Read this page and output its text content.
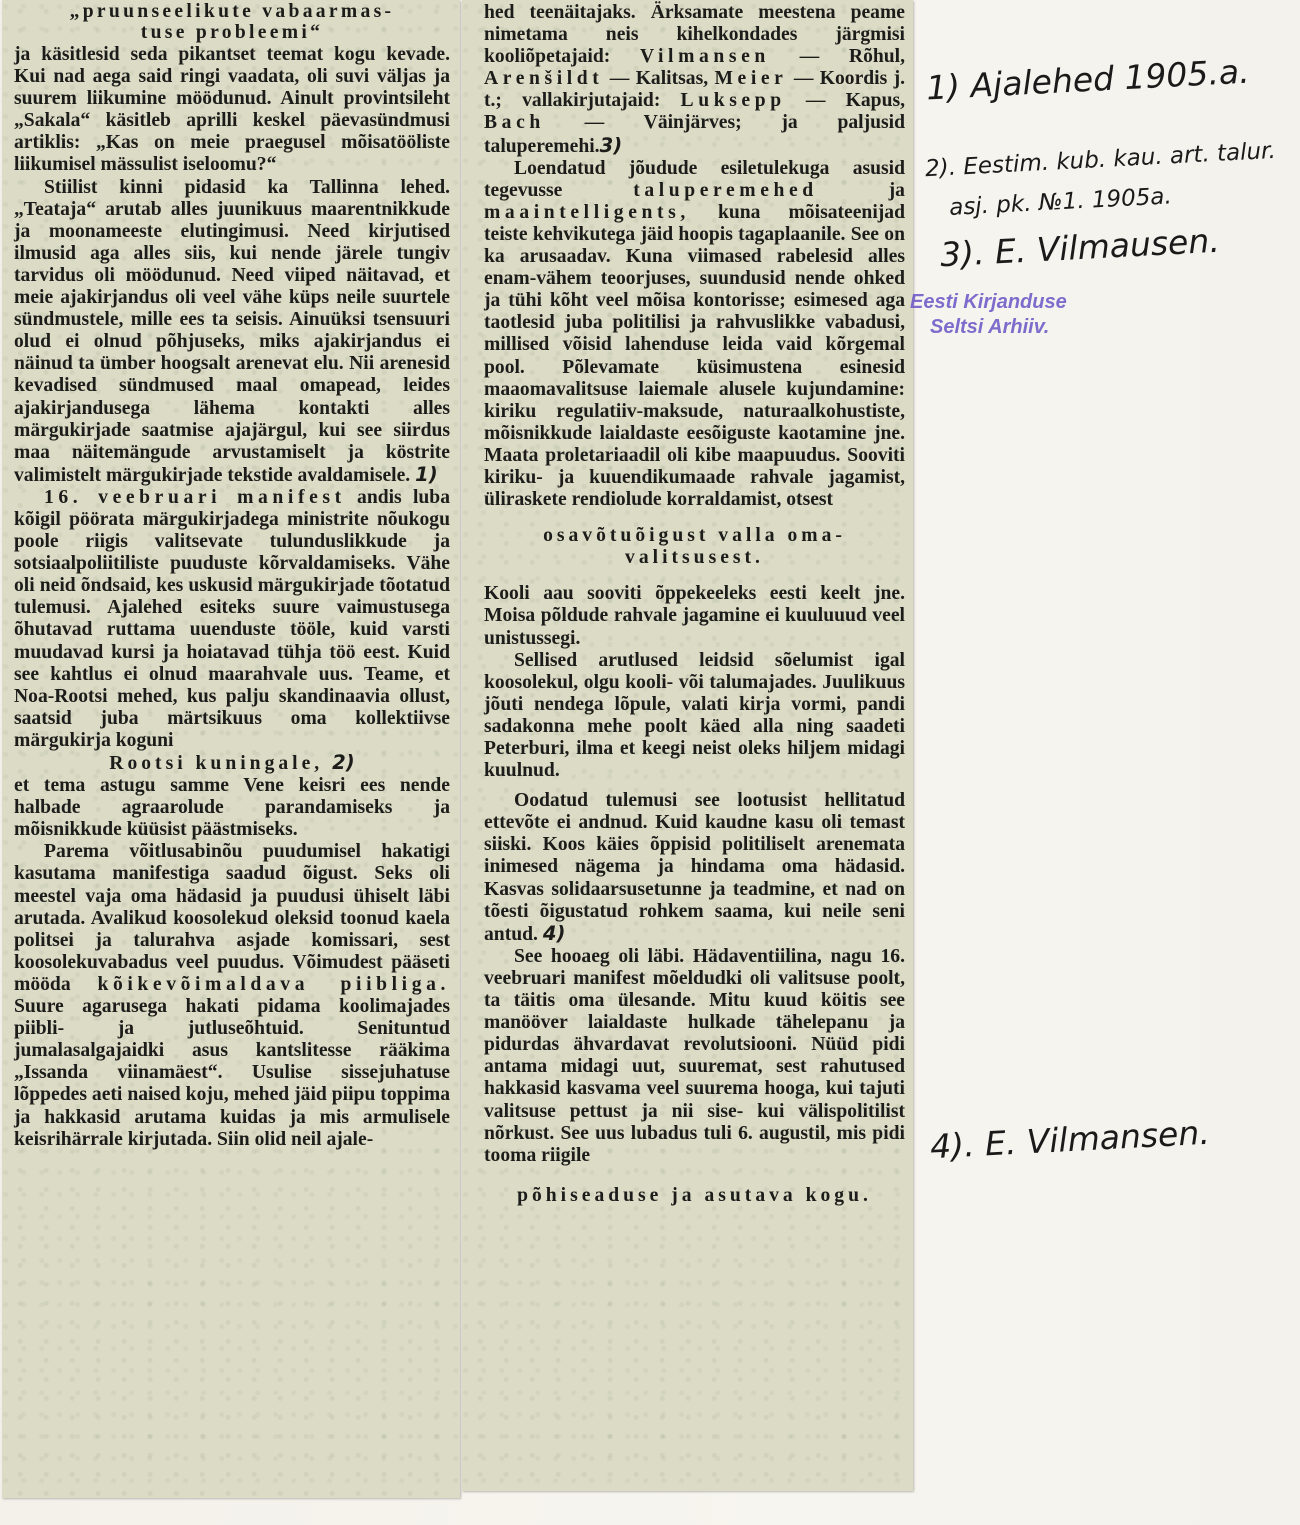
„pruunseelikute vabaarmas-
tuse probleemi“

ja käsitlesid seda pikantset teemat kogu kevade. Kui nad aega said ringi vaadata, oli suvi väljas ja suurem liikumine möödunud. Ainult provintsileht „Sakala“ käsitleb aprilli keskel päevasündmusi artiklis: „Kas on meie praegusel mõisatööliste liikumisel mässulist iseloomu?“

Stiilist kinni pidasid ka Tallinna lehed. „Teataja“ arutab alles juunikuus maarentnikkude ja moonameeste elutingimusi. Need kirjutised ilmusid aga alles siis, kui nende järele tungiv tarvidus oli möödunud. Need viiped näitavad, et meie ajakirjandus oli veel vähe küps neile suurtele sündmustele, mille ees ta seisis. Ainuüksi tsensuuri olud ei olnud põhjuseks, miks ajakirjandus ei näinud ta ümber hoogsalt arenevat elu. Nii arenesid kevadised sündmused maal omapead, leides ajakirjandusega lähema kontakti alles märgukirjade saatmise ajajärgul, kui see siirdus maa näitemängude arvustamiselt ja köstrite valimistelt märgukirjade tekstide avaldamisele. 1)

16. veebruari manifest andis luba kõigil pöörata märgukirjadega ministrite nõukogu poole riigis valitsevate tulunduslikkude ja sotsiaalpoliitiliste puuduste kõrvaldamiseks. Vähe oli neid õndsaid, kes uskusid märgukirjade tõotatud tulemusi. Ajalehed esiteks suure vaimustusega õhutavad ruttama uuenduste tööle, kuid varsti muudavad kursi ja hoiatavad tühja töö eest. Kuid see kahtlus ei olnud maarahvale uus. Teame, et Noa-Rootsi mehed, kus palju skandinaavia ollust, saatsid juba märtsikuus oma kollektiivse märgukirja koguni

Rootsi kuningale, 2)

et tema astugu samme Vene keisri ees nende halbade agraarolude parandamiseks ja mõisnikkude küüsist päästmiseks.

Parema võitlusabinõu puudumisel hakatigi kasutama manifestiga saadud õigust. Seks oli meestel vaja oma hädasid ja puudusi ühiselt läbi arutada. Avalikud koosolekud oleksid toonud kaela politsei ja talurahva asjade komissari, sest koosolekuvabadus veel puudus. Võimudest pääseti mööda kõikevõimaldava piibliga. Suure agarusega hakati pidama koolimajades piibli- ja jutluseõhtuid. Senituntud jumalasalgajaidki asus kantslitesse rääkima „Issanda viinamäest“. Usulise sissejuhatuse lõppedes aeti naised koju, mehed jäid piipu toppima ja hakkasid arutama kuidas ja mis armulisele keisrihärrale kirjutada. Siin olid neil ajale-

hed teenäitajaks. Ärksamate meestena peame nimetama neis kihelkondades järgmisi kooliõpetajaid: Vilmansen — Rõhul, Arenšildt — Kalitsas, Meier — Koordis j. t.; vallakirjutajaid: Luksepp — Kapus, Bach — Väinjärves; ja paljusid taluperemehi.3)

Loendatud jõudude esiletulekuga asusid tegevusse	taluperemehed	ja maaintelligents, kuna mõisateenijad teiste kehvikutega jäid hoopis tagaplaanile. See on ka arusaadav. Kuna viimased rabelesid alles enam-vähem teoorjuses, suundusid nende ohked ja tühi kõht veel mõisa kontorisse; esimesed aga taotlesid juba politilisi ja rahvuslikke vabadusi, millised võisid lahenduse leida vaid kõrgemal pool. Põlevamate küsimustena esinesid maaomavalitsuse laiemale alusele kujundamine: kiriku regulatiiv-maksude, naturaalkohustiste, mõisnikkude laialdaste eesõiguste kaotamine jne. Maata proletariaadil oli kibe maapuudus. Sooviti kiriku- ja kuuendikumaade rahvale jagamist, üliraskete rendiolude korraldamist, otsest

osavõtuõigust valla oma-

valitsusest.

Kooli aau sooviti õppekeeleks eesti keelt jne. Moisa põldude rahvale jagamine ei kuuluuud veel unistussegi.

Sellised arutlused leidsid sõelumist igal koosolekul, olgu kooli- või talumajades. Juulikuus jõuti nendega lõpule, valati kirja vormi, pandi sadakonna mehe poolt käed alla ning saadeti Peterburi, ilma et keegi neist oleks hiljem midagi kuulnud.

Oodatud tulemusi see lootusist hellitatud ettevõte ei andnud. Kuid kaudne kasu oli temast siiski. Koos käies õppisid politiliselt arenemata inimesed nägema ja hindama oma hädasid. Kasvas solidaarsusetunne ja teadmine, et nad on tõesti õigustatud rohkem saama, kui neile seni antud. 4)

See hooaeg oli läbi. Hädaventiilina, nagu 16. veebruari manifest mõeldudki oli valitsuse poolt, ta täitis oma ülesande. Mitu kuud köitis see manööver laialdaste hulkade tähelepanu ja pidurdas ähvardavat revolutsiooni. Nüüd pidi antama midagi uut, suuremat, sest rahutused hakkasid kasvama veel suurema hooga, kui tajuti valitsuse pettust ja nii sise- kui välispolitilist nõrkust. See uus lubadus tuli 6. augustil, mis pidi tooma riigile

põhiseaduse ja asutava kogu.

1) Ajalehed 1905.a.
2). Eestim. kub. kau. art. talur.
asj. pk. №1. 1905a.
3). E. Vilmausen.
4). E. Vilmansen.
Eesti Kirjanduse
Seltsi Arhiiv.
